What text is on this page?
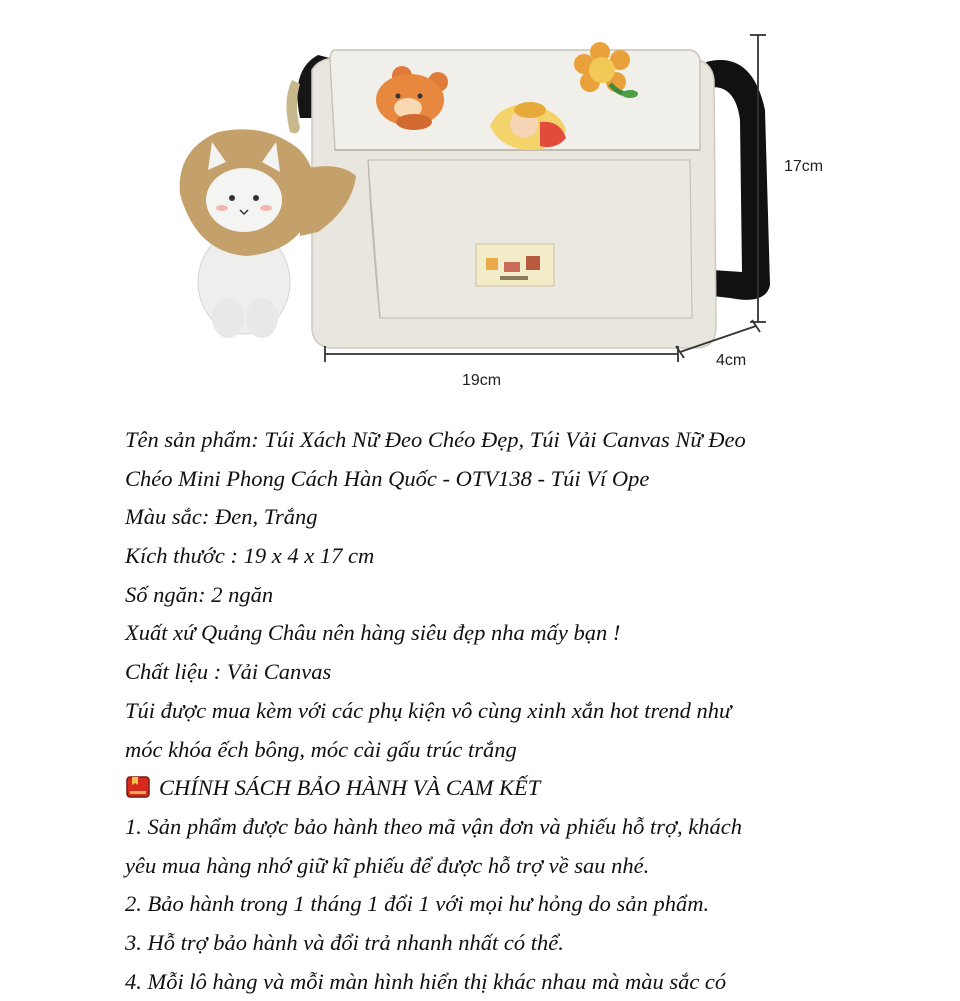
17cm
4cm
19cm
Tên sản phẩm: Túi Xách Nữ Đeo Chéo Đẹp, Túi Vải Canvas Nữ Đeo
Chéo Mini Phong Cách Hàn Quốc - OTV138 - Túi Ví Ope
Màu sắc: Đen, Trắng
Kích thước : 19 x 4 x 17 cm
Số ngăn: 2 ngăn
Xuất xứ Quảng Châu nên hàng siêu đẹp nha mấy bạn !
Chất liệu : Vải Canvas
Túi được mua kèm với các phụ kiện vô cùng xinh xắn hot trend như
móc khóa ếch bông, móc cài gấu trúc trắng
CHÍNH SÁCH BẢO HÀNH VÀ CAM KẾT
1. Sản phẩm được bảo hành theo mã vận đơn và phiếu hỗ trợ, khách
yêu mua hàng nhớ giữ kĩ phiếu để được hỗ trợ về sau nhé.
2. Bảo hành trong 1 tháng 1 đổi 1 với mọi hư hỏng do sản phẩm.
3. Hỗ trợ bảo hành và đổi trả nhanh nhất có thể.
4. Mỗi lô hàng và mỗi màn hình hiển thị khác nhau mà màu sắc có
